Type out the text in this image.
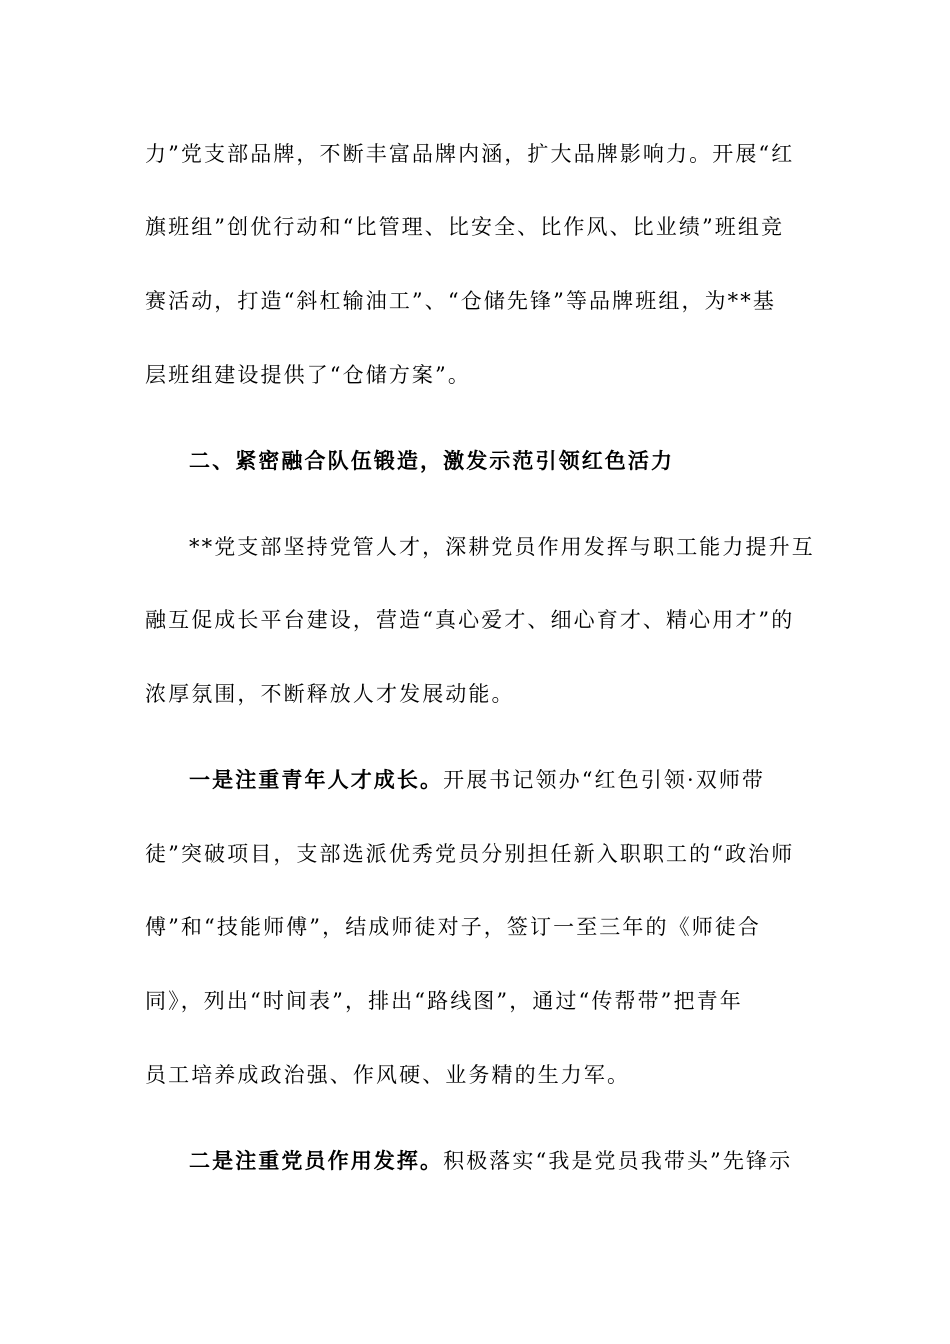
力”党支部品牌，不断丰富品牌内涵，扩大品牌影响力。开展“红
旗班组”创优行动和“比管理、比安全、比作风、比业绩”班组竞
赛活动，打造“斜杠输油工”、“仓储先锋”等品牌班组，为**基
层班组建设提供了“仓储方案”。
二、紧密融合队伍锻造，激发示范引领红色活力
**党支部坚持党管人才，深耕党员作用发挥与职工能力提升互
融互促成长平台建设，营造“真心爱才、细心育才、精心用才”的
浓厚氛围，不断释放人才发展动能。
一是注重青年人才成长。开展书记领办“红色引领·双师带
徒”突破项目，支部选派优秀党员分别担任新入职职工的“政治师
傅”和“技能师傅”，结成师徒对子，签订一至三年的《师徒合
同》，列出“时间表”，排出“路线图”，通过“传帮带”把青年
员工培养成政治强、作风硬、业务精的生力军。
二是注重党员作用发挥。积极落实“我是党员我带头”先锋示
